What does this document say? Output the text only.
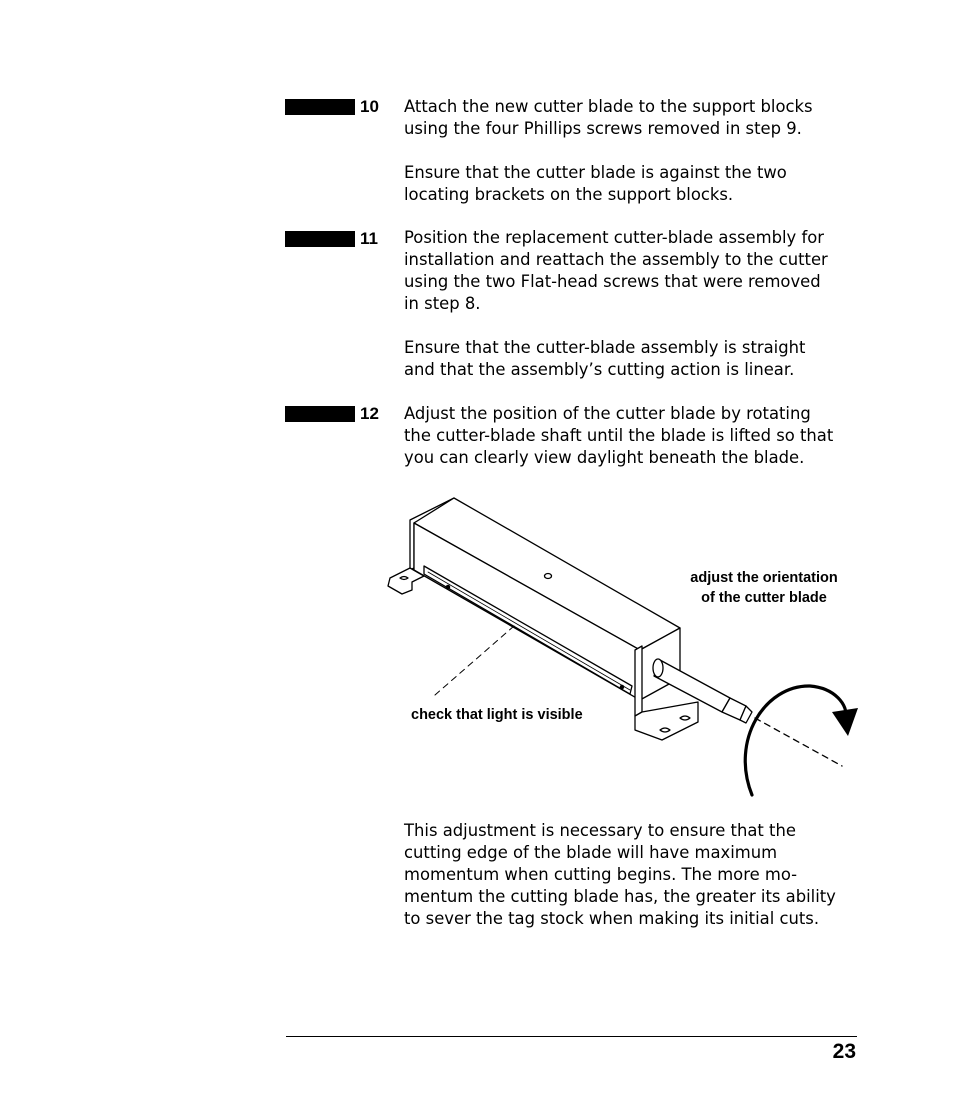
10	Attach the new cutter blade to the support blocks
using the four Phillips screws removed in step 9.

Ensure that the cutter blade is against the two
locating brackets on the support blocks.

11	Position the replacement cutter-blade assembly for
installation and reattach the assembly to the cutter
using the two Flat-head screws that were removed
in step 8.

Ensure that the cutter-blade assembly is straight
and that the assembly’s cutting action is linear.

12	Adjust the position of the cutter blade by rotating
the cutter-blade shaft until the blade is lifted so that
you can clearly view daylight beneath the blade.

adjust the orientation
of the cutter blade
check that light is visible

This adjustment is necessary to ensure that the
cutting edge of the blade will have maximum
momentum when cutting begins. The more mo-
mentum the cutting blade has, the greater its ability
to sever the tag stock when making its initial cuts.

23
